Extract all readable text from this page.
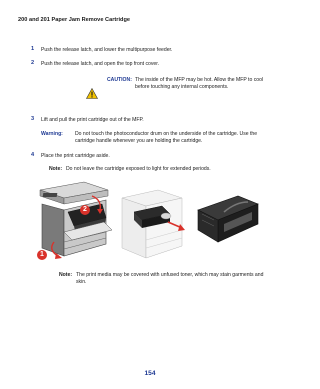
200 and 201 Paper Jam Remove Cartridge
1 Push the release latch, and lower the multipurpose feeder.
2 Push the release latch, and open the top front cover.
CAUTION: The inside of the MFP may be hot. Allow the MFP to cool
before touching any internal components.
3 Lift and pull the print cartridge out of the MFP.
Warning: Do not touch the photoconductor drum on the underside of the cartridge. Use the
cartridge handle whenever you are holding the cartridge.
4 Place the print cartridge aside.
Note: Do not leave the cartridge exposed to light for extended periods.
2
1
Note: The print media may be covered with unfused toner, which may stain garments and
skin.
154
